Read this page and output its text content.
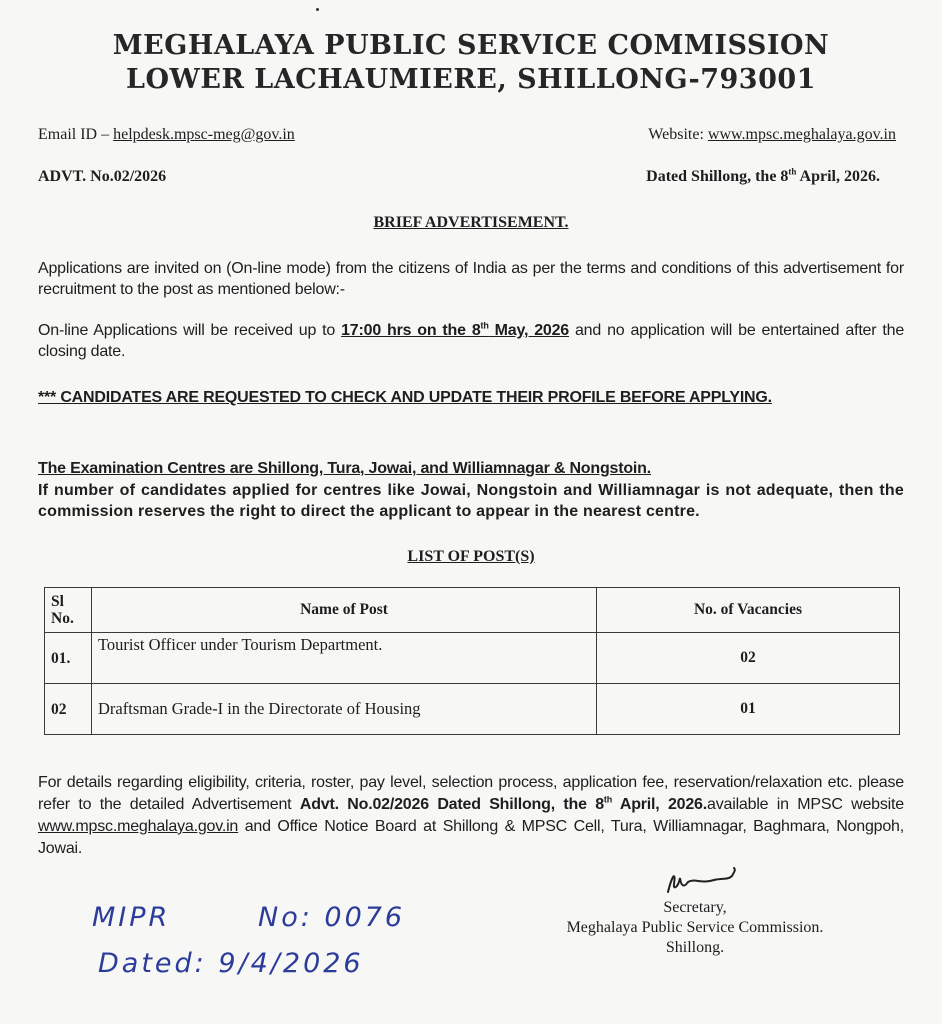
MEGHALAYA PUBLIC SERVICE COMMISSION
LOWER LACHAUMIERE, SHILLONG-793001
Email ID – helpdesk.mpsc-meg@gov.in	Website: www.mpsc.meghalaya.gov.in
ADVT. No.02/2026	Dated Shillong, the 8th April, 2026.
BRIEF ADVERTISEMENT.
Applications are invited on (On-line mode) from the citizens of India as per the terms and conditions of this advertisement for recruitment to the post as mentioned below:-
On-line Applications will be received up to 17:00 hrs on the 8th May, 2026 and no application will be entertained after the closing date.
*** CANDIDATES ARE REQUESTED TO CHECK AND UPDATE THEIR PROFILE BEFORE APPLYING.
The Examination Centres are Shillong, Tura, Jowai, and Williamnagar & Nongstoin.
If number of candidates applied for centres like Jowai, Nongstoin and Williamnagar is not adequate, then the commission reserves the right to direct the applicant to appear in the nearest centre.
LIST OF POST(S)
Sl No.	Name of Post	No. of Vacancies
01.	Tourist Officer under Tourism Department.	02
02	Draftsman Grade-I in the Directorate of Housing	01
For details regarding eligibility, criteria, roster, pay level, selection process, application fee, reservation/relaxation etc. please refer to the detailed Advertisement Advt. No.02/2026 Dated Shillong, the 8th April, 2026.available in MPSC website www.mpsc.meghalaya.gov.in and Office Notice Board at Shillong & MPSC Cell, Tura, Williamnagar, Baghmara, Nongpoh, Jowai.
MIPR	No: 0076
Dated: 9/4/2026
Secretary,
Meghalaya Public Service Commission.
Shillong.
